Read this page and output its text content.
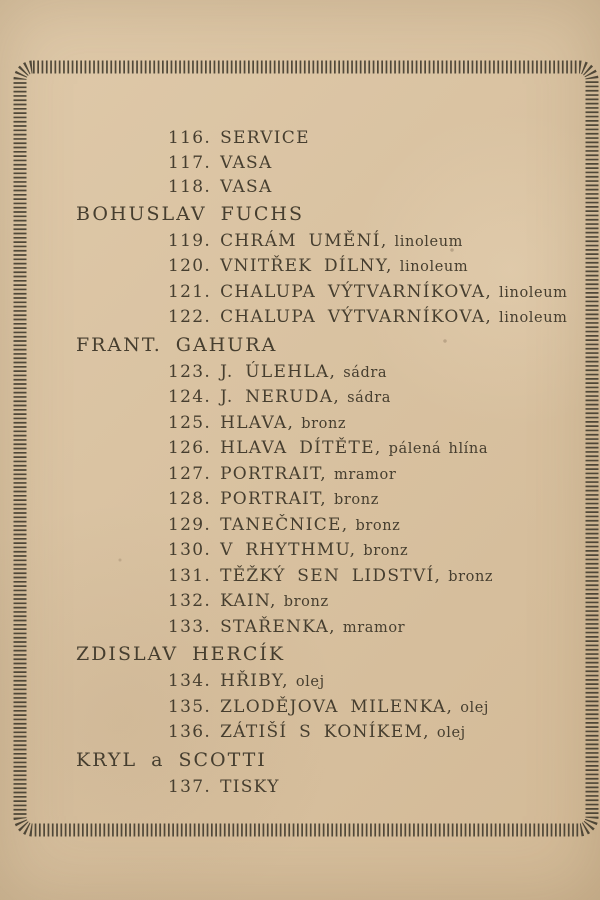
116. SERVICE
117. VASA
118. VASA
BOHUSLAV FUCHS
119. CHRÁM UMĚNÍ, linoleum
120. VNITŘEK DÍLNY, linoleum
121. CHALUPA VÝTVARNÍKOVA, linoleum
122. CHALUPA VÝTVARNÍKOVA, linoleum
FRANT. GAHURA
123. J. ÚLEHLA, sádra
124. J. NERUDA, sádra
125. HLAVA, bronz
126. HLAVA DÍTĚTE, pálená hlína
127. PORTRAIT, mramor
128. PORTRAIT, bronz
129. TANEČNICE, bronz
130. V RHYTHMU, bronz
131. TĚŽKÝ SEN LIDSTVÍ, bronz
132. KAIN, bronz
133. STAŘENKA, mramor
ZDISLAV HERCÍK
134. HŘIBY, olej
135. ZLODĚJOVA MILENKA, olej
136. ZÁTIŠÍ S KONÍKEM, olej
KRYL a SCOTTI
137. TISKY
